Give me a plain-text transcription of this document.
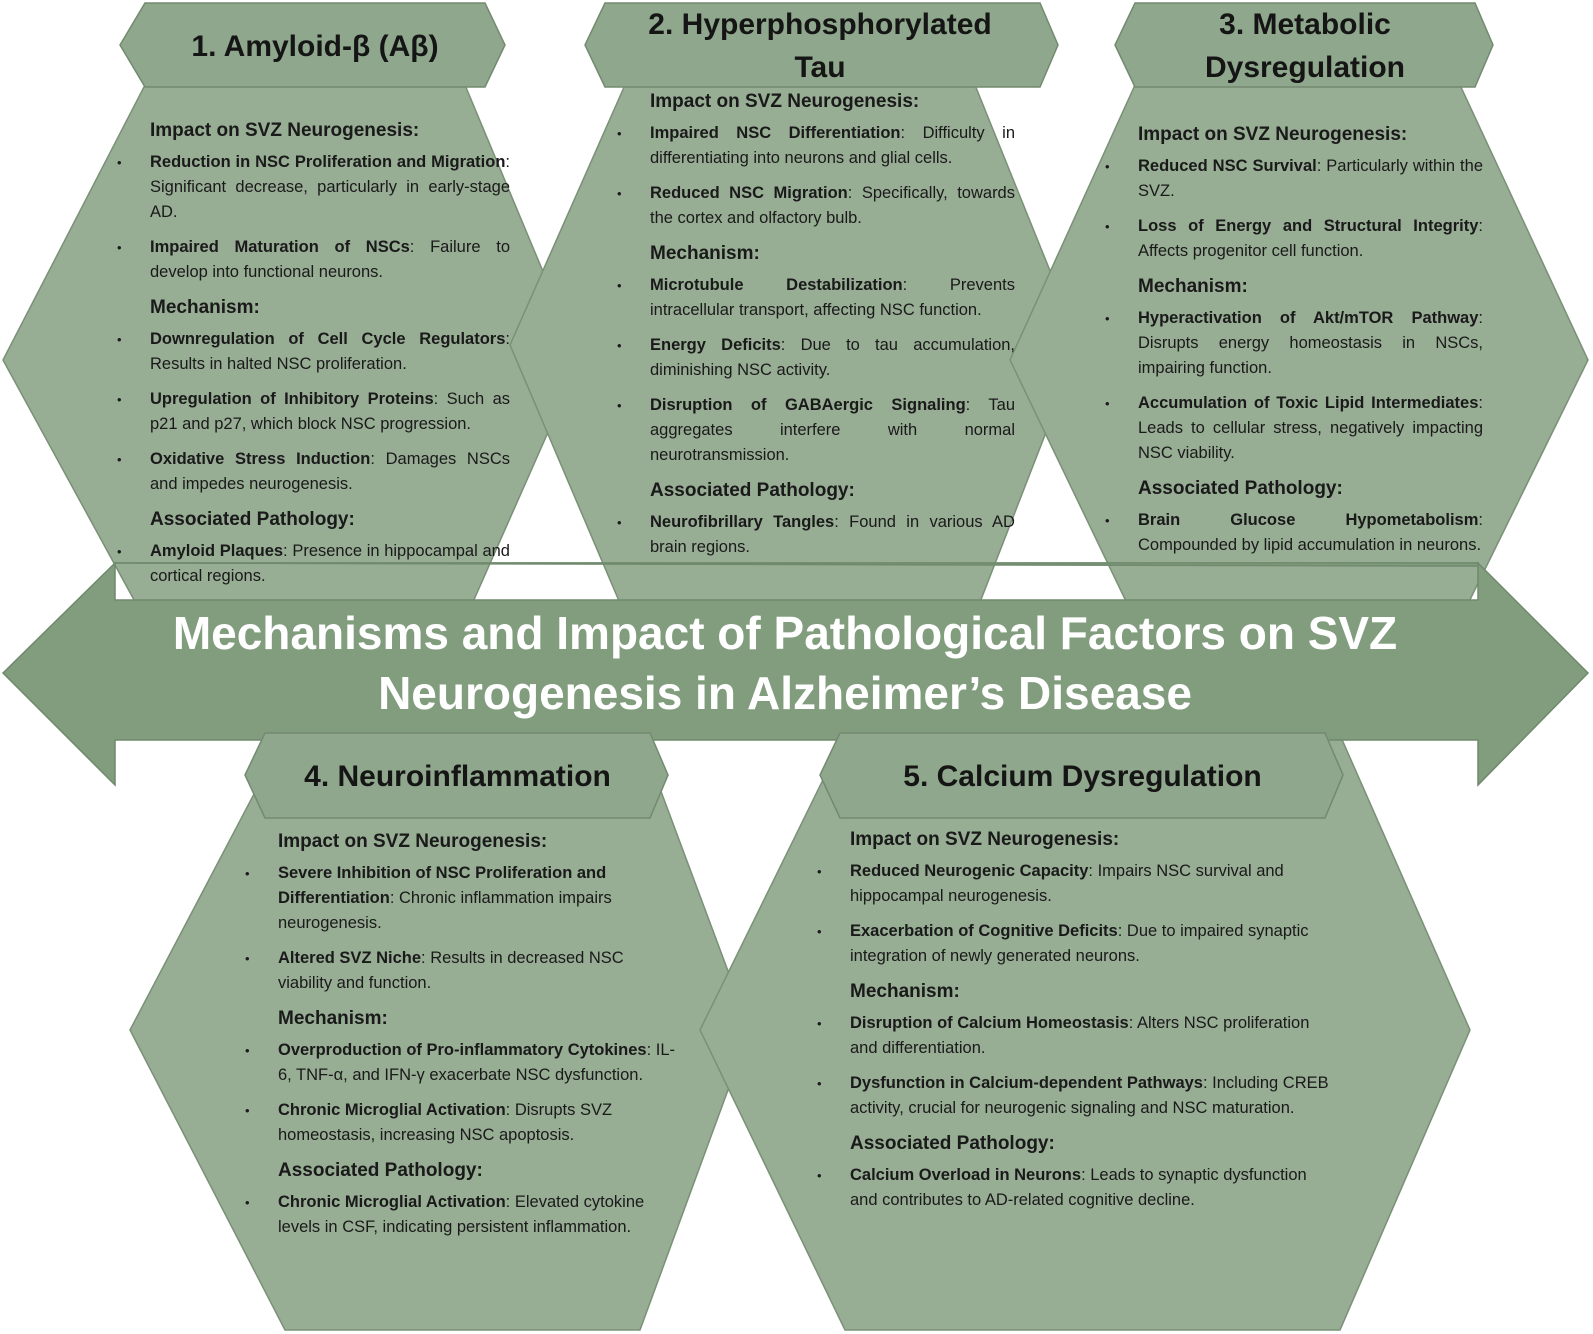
1. Amyloid-β (Aβ)
2. Hyperphosphorylated Tau
3. Metabolic Dysregulation
4. Neuroinflammation	5. Calcium Dysregulation
Impact on SVZ Neurogenesis:
• Reduction in NSC Proliferation and Migration: Significant decrease, particularly in early-stage AD.
• Impaired Maturation of NSCs: Failure to develop into functional neurons.
Mechanism:
• Downregulation of Cell Cycle Regulators: Results in halted NSC proliferation.
• Upregulation of Inhibitory Proteins: Such as p21 and p27, which block NSC progression.
• Oxidative Stress Induction: Damages NSCs and impedes neurogenesis.
Associated Pathology:
• Amyloid Plaques: Presence in hippocampal and cortical regions.
Impact on SVZ Neurogenesis:
• Impaired NSC Differentiation: Difficulty in differentiating into neurons and glial cells.
• Reduced NSC Migration: Specifically, towards the cortex and olfactory bulb.
Mechanism:
• Microtubule Destabilization: Prevents intracellular transport, affecting NSC function.
• Energy Deficits: Due to tau accumulation, diminishing NSC activity.
• Disruption of GABAergic Signaling: Tau aggregates interfere with normal neurotransmission.
Associated Pathology:
• Neurofibrillary Tangles: Found in various AD brain regions.
Impact on SVZ Neurogenesis:
• Reduced NSC Survival: Particularly within the SVZ.
• Loss of Energy and Structural Integrity: Affects progenitor cell function.
Mechanism:
• Hyperactivation of Akt/mTOR Pathway: Disrupts energy homeostasis in NSCs, impairing function.
• Accumulation of Toxic Lipid Intermediates: Leads to cellular stress, negatively impacting NSC viability.
Associated Pathology:
• Brain Glucose Hypometabolism: Compounded by lipid accumulation in neurons.
Impact on SVZ Neurogenesis:
• Severe Inhibition of NSC Proliferation and Differentiation: Chronic inflammation impairs neurogenesis.
• Altered SVZ Niche: Results in decreased NSC viability and function.
Mechanism:
• Overproduction of Pro-inflammatory Cytokines: IL-6, TNF-α, and IFN-γ exacerbate NSC dysfunction.
• Chronic Microglial Activation: Disrupts SVZ homeostasis, increasing NSC apoptosis.
Associated Pathology:
• Chronic Microglial Activation: Elevated cytokine levels in CSF, indicating persistent inflammation.
Impact on SVZ Neurogenesis:
• Reduced Neurogenic Capacity: Impairs NSC survival and hippocampal neurogenesis.
• Exacerbation of Cognitive Deficits: Due to impaired synaptic integration of newly generated neurons.
Mechanism:
• Disruption of Calcium Homeostasis: Alters NSC proliferation and differentiation.
• Dysfunction in Calcium-dependent Pathways: Including CREB activity, crucial for neurogenic signaling and NSC maturation.
Associated Pathology:
• Calcium Overload in Neurons: Leads to synaptic dysfunction and contributes to AD-related cognitive decline.
Mechanisms and Impact of Pathological Factors on SVZ
Neurogenesis in Alzheimer’s Disease
